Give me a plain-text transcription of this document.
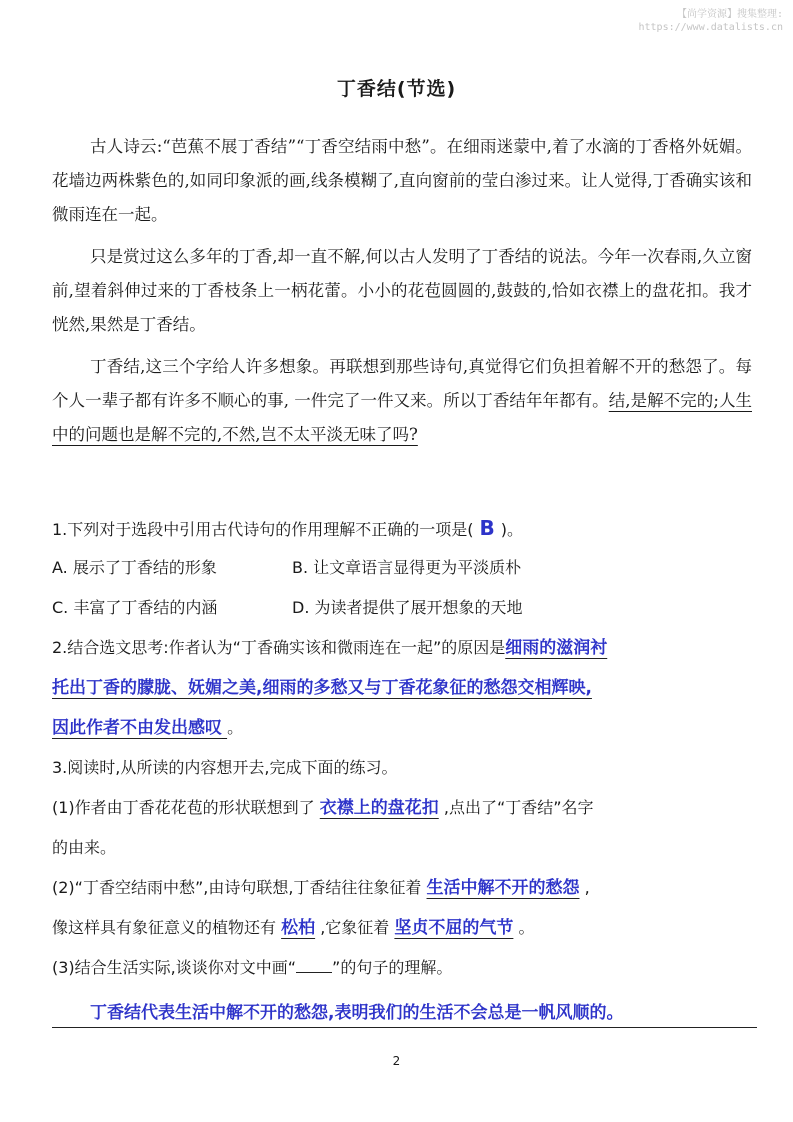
【尚学资源】搜集整理:
https://www.datalists.cn
丁香结(节选)

古人诗云:“芭蕉不展丁香结”“丁香空结雨中愁”。在细雨迷蒙中,着了水滴的丁香格外妩媚。花墙边两株紫色的,如同印象派的画,线条模糊了,直向窗前的莹白渗过来。让人觉得,丁香确实该和微雨连在一起。

只是赏过这么多年的丁香,却一直不解,何以古人发明了丁香结的说法。今年一次春雨,久立窗前,望着斜伸过来的丁香枝条上一柄花蕾。小小的花苞圆圆的,鼓鼓的,恰如衣襟上的盘花扣。我才恍然,果然是丁香结。

丁香结,这三个字给人许多想象。再联想到那些诗句,真觉得它们负担着解不开的愁怨了。每个人一辈子都有许多不顺心的事, 一件完了一件又来。所以丁香结年年都有。结,是解不完的;人生中的问题也是解不完的,不然,岂不太平淡无味了吗?

1.下列对于选段中引用古代诗句的作用理解不正确的一项是( B )。
A. 展示了丁香结的形象	B. 让文章语言显得更为平淡质朴
C. 丰富了丁香结的内涵	D. 为读者提供了展开想象的天地
2.结合选文思考:作者认为“丁香确实该和微雨连在一起”的原因是细雨的滋润衬
托出丁香的朦胧、妩媚之美,细雨的多愁又与丁香花象征的愁怨交相辉映,
因此作者不由发出感叹 。
3.阅读时,从所读的内容想开去,完成下面的练习。
(1)作者由丁香花花苞的形状联想到了 衣襟上的盘花扣 ,点出了“丁香结”名字
的由来。
(2)“丁香空结雨中愁”,由诗句联想,丁香结往往象征着 生活中解不开的愁怨 ,
像这样具有象征意义的植物还有 松柏 ,它象征着 坚贞不屈的气节 。
(3)结合生活实际,谈谈你对文中画“ ”的句子的理解。
丁香结代表生活中解不开的愁怨,表明我们的生活不会总是一帆风顺的。
2
